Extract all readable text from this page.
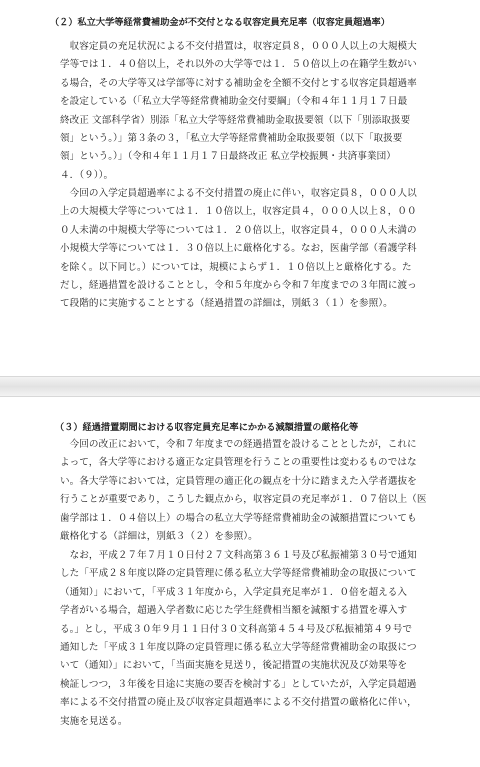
（２）私立大学等経常費補助金が不交付となる収容定員充足率（収容定員超過率）
　収容定員の充足状況による不交付措置は，収容定員８，０００人以上の大規模大
学等では１．４０倍以上，それ以外の大学等では１．５０倍以上の在籍学生数がい
る場合，その大学等又は学部等に対する補助金を全額不交付とする収容定員超過率
を設定している（「私立大学等経常費補助金交付要綱」（令和４年１１月１７日最
終改正 文部科学省）別添「私立大学等経常費補助金取扱要領（以下「別添取扱要
領」という。）」第３条の３，「私立大学等経常費補助金取扱要領（以下「取扱要
領」という。）」（令和４年１１月１７日最終改正 私立学校振興・共済事業団）
４．（９））。
　今回の入学定員超過率による不交付措置の廃止に伴い，収容定員８，０００人以
上の大規模大学等については１．１０倍以上，収容定員４，０００人以上８，００
０人未満の中規模大学等については１．２０倍以上，収容定員４，０００人未満の
小規模大学等については１．３０倍以上に厳格化する。なお，医歯学部（看護学科
を除く。以下同じ。）については，規模によらず１．１０倍以上と厳格化する。た
だし，経過措置を設けることとし，令和５年度から令和７年度までの３年間に渡っ
て段階的に実施することとする（経過措置の詳細は，別紙３（１）を参照）。
（３）経過措置期間における収容定員充足率にかかる減額措置の厳格化等
　今回の改正において，令和７年度までの経過措置を設けることとしたが，これに
よって，各大学等における適正な定員管理を行うことの重要性は変わるものではな
い。各大学等においては，定員管理の適正化の観点を十分に踏まえた入学者選抜を
行うことが重要であり，こうした観点から，収容定員の充足率が１．０７倍以上（医
歯学部は１．０４倍以上）の場合の私立大学等経常費補助金の減額措置についても
厳格化する（詳細は，別紙３（２）を参照）。
　なお，平成２７年７月１０日付２７文科高第３６１号及び私振補第３０号で通知
した「平成２８年度以降の定員管理に係る私立大学等経常費補助金の取扱について
（通知）」において，「平成３１年度から，入学定員充足率が１．０倍を超える入
学者がいる場合，超過入学者数に応じた学生経費相当額を減額する措置を導入す
る。」とし，平成３０年９月１１日付３０文科高第４５４号及び私振補第４９号で
通知した「平成３１年度以降の定員管理に係る私立大学等経常費補助金の取扱につ
いて（通知）」において，「当面実施を見送り，後記措置の実施状況及び効果等を
検証しつつ，３年後を目途に実施の要否を検討する」としていたが，入学定員超過
率による不交付措置の廃止及び収容定員超過率による不交付措置の厳格化に伴い，
実施を見送る。
